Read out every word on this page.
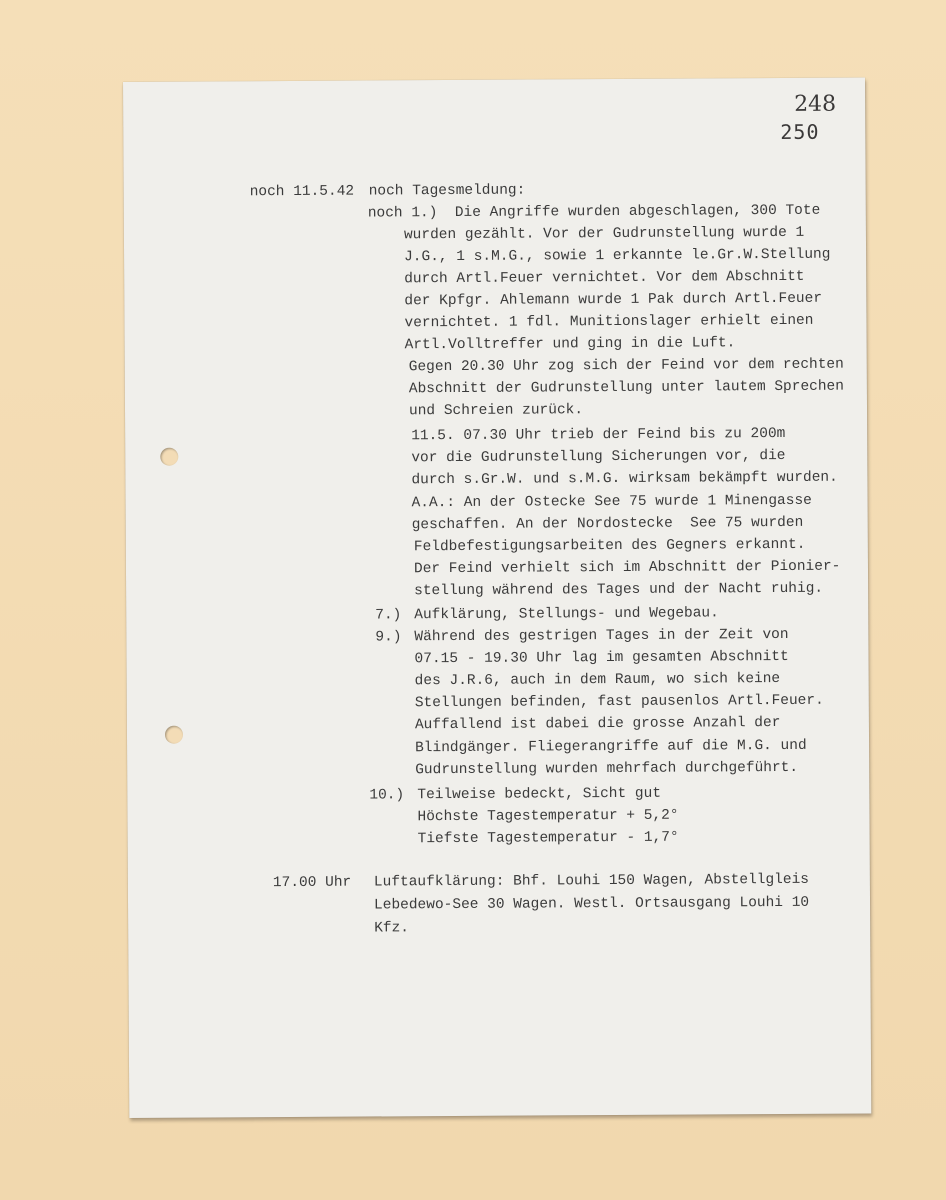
248
250
noch 11.5.42 noch Tagesmeldung:
noch 1.) Die Angriffe wurden abgeschlagen, 300 Tote
wurden gezählt. Vor der Gudrunstellung wurde 1
J.G., 1 s.M.G., sowie 1 erkannte le.Gr.W.Stellung
durch Artl.Feuer vernichtet. Vor dem Abschnitt
der Kpfgr. Ahlemann wurde 1 Pak durch Artl.Feuer
vernichtet. 1 fdl. Munitionslager erhielt einen
Artl.Volltreffer und ging in die Luft.
Gegen 20.30 Uhr zog sich der Feind vor dem rechten
Abschnitt der Gudrunstellung unter lautem Sprechen
und Schreien zurück.
11.5. 07.30 Uhr trieb der Feind bis zu 200m
vor die Gudrunstellung Sicherungen vor, die
durch s.Gr.W. und s.M.G. wirksam bekämpft wurden.
A.A.: An der Ostecke See 75 wurde 1 Minengasse
geschaffen. An der Nordostecke  See 75 wurden
Feldbefestigungsarbeiten des Gegners erkannt.
Der Feind verhielt sich im Abschnitt der Pionier-
stellung während des Tages und der Nacht ruhig.
7.) Aufklärung, Stellungs- und Wegebau.
9.) Während des gestrigen Tages in der Zeit von
07.15 - 19.30 Uhr lag im gesamten Abschnitt
des J.R.6, auch in dem Raum, wo sich keine
Stellungen befinden, fast pausenlos Artl.Feuer.
Auffallend ist dabei die grosse Anzahl der
Blindgänger. Fliegerangriffe auf die M.G. und
Gudrunstellung wurden mehrfach durchgeführt.
10.) Teilweise bedeckt, Sicht gut
Höchste Tagestemperatur + 5,2°
Tiefste Tagestemperatur - 1,7°
17.00 Uhr Luftaufklärung: Bhf. Louhi 150 Wagen, Abstellgleis
Lebedewo-See 30 Wagen. Westl. Ortsausgang Louhi 10
Kfz.
